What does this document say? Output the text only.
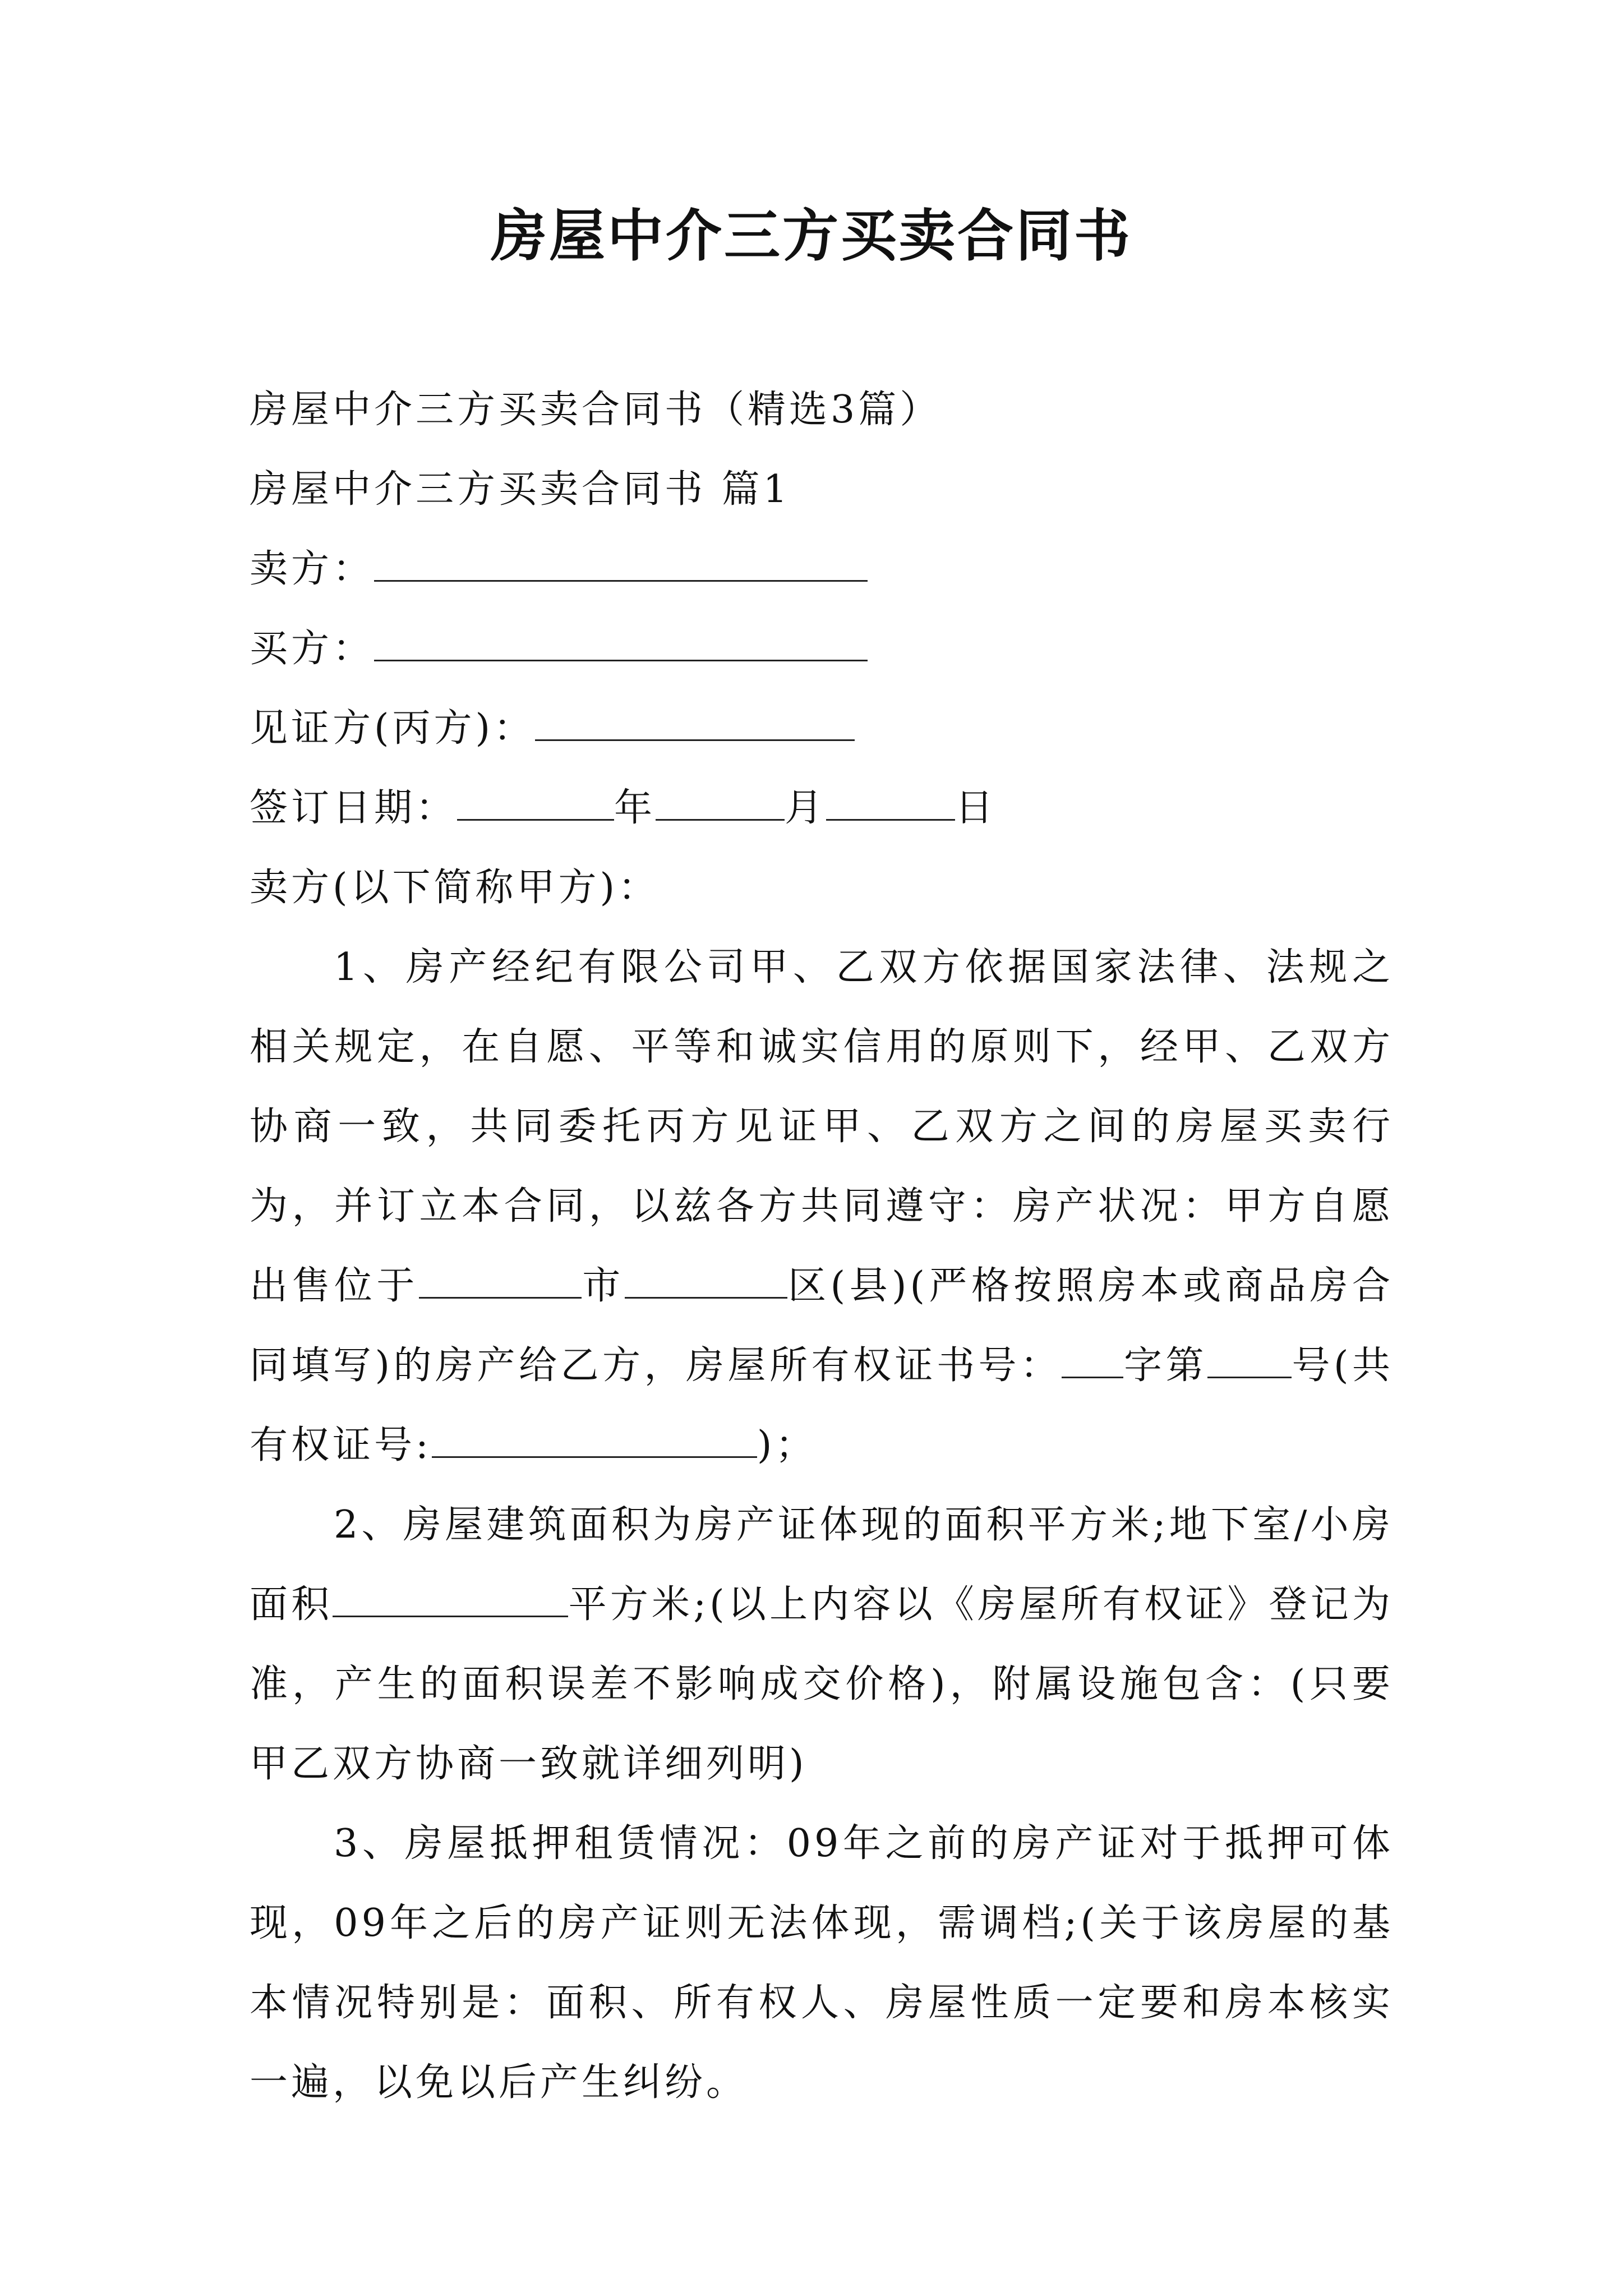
房屋中介三方买卖合同书
房屋中介三方买卖合同书（精选3篇）
房屋中介三方买卖合同书 篇1
卖方：
买方：
见证方(丙方)：
签订日期：	年	月	日
卖方(以下简称甲方)：

1、房产经纪有限公司甲、乙双方依据国家法律、法规之相关规定，在自愿、平等和诚实信用的原则下，经甲、乙双方协商一致，共同委托丙方见证甲、乙双方之间的房屋买卖行为，并订立本合同，以兹各方共同遵守：房产状况：甲方自愿出售位于	市	区(县)(严格按照房本或商品房合同填写)的房产给乙方，房屋所有权证书号： 字第 号(共有权证号:	)；

2、房屋建筑面积为房产证体现的面积平方米;地下室/小房面积	平方米;(以上内容以《房屋所有权证》登记为准，产生的面积误差不影响成交价格)，附属设施包含：(只要甲乙双方协商一致就详细列明)

3、房屋抵押租赁情况：09年之前的房产证对于抵押可体现，09年之后的房产证则无法体现，需调档;(关于该房屋的基本情况特别是：面积、所有权人、房屋性质一定要和房本核实一遍，以免以后产生纠纷。
